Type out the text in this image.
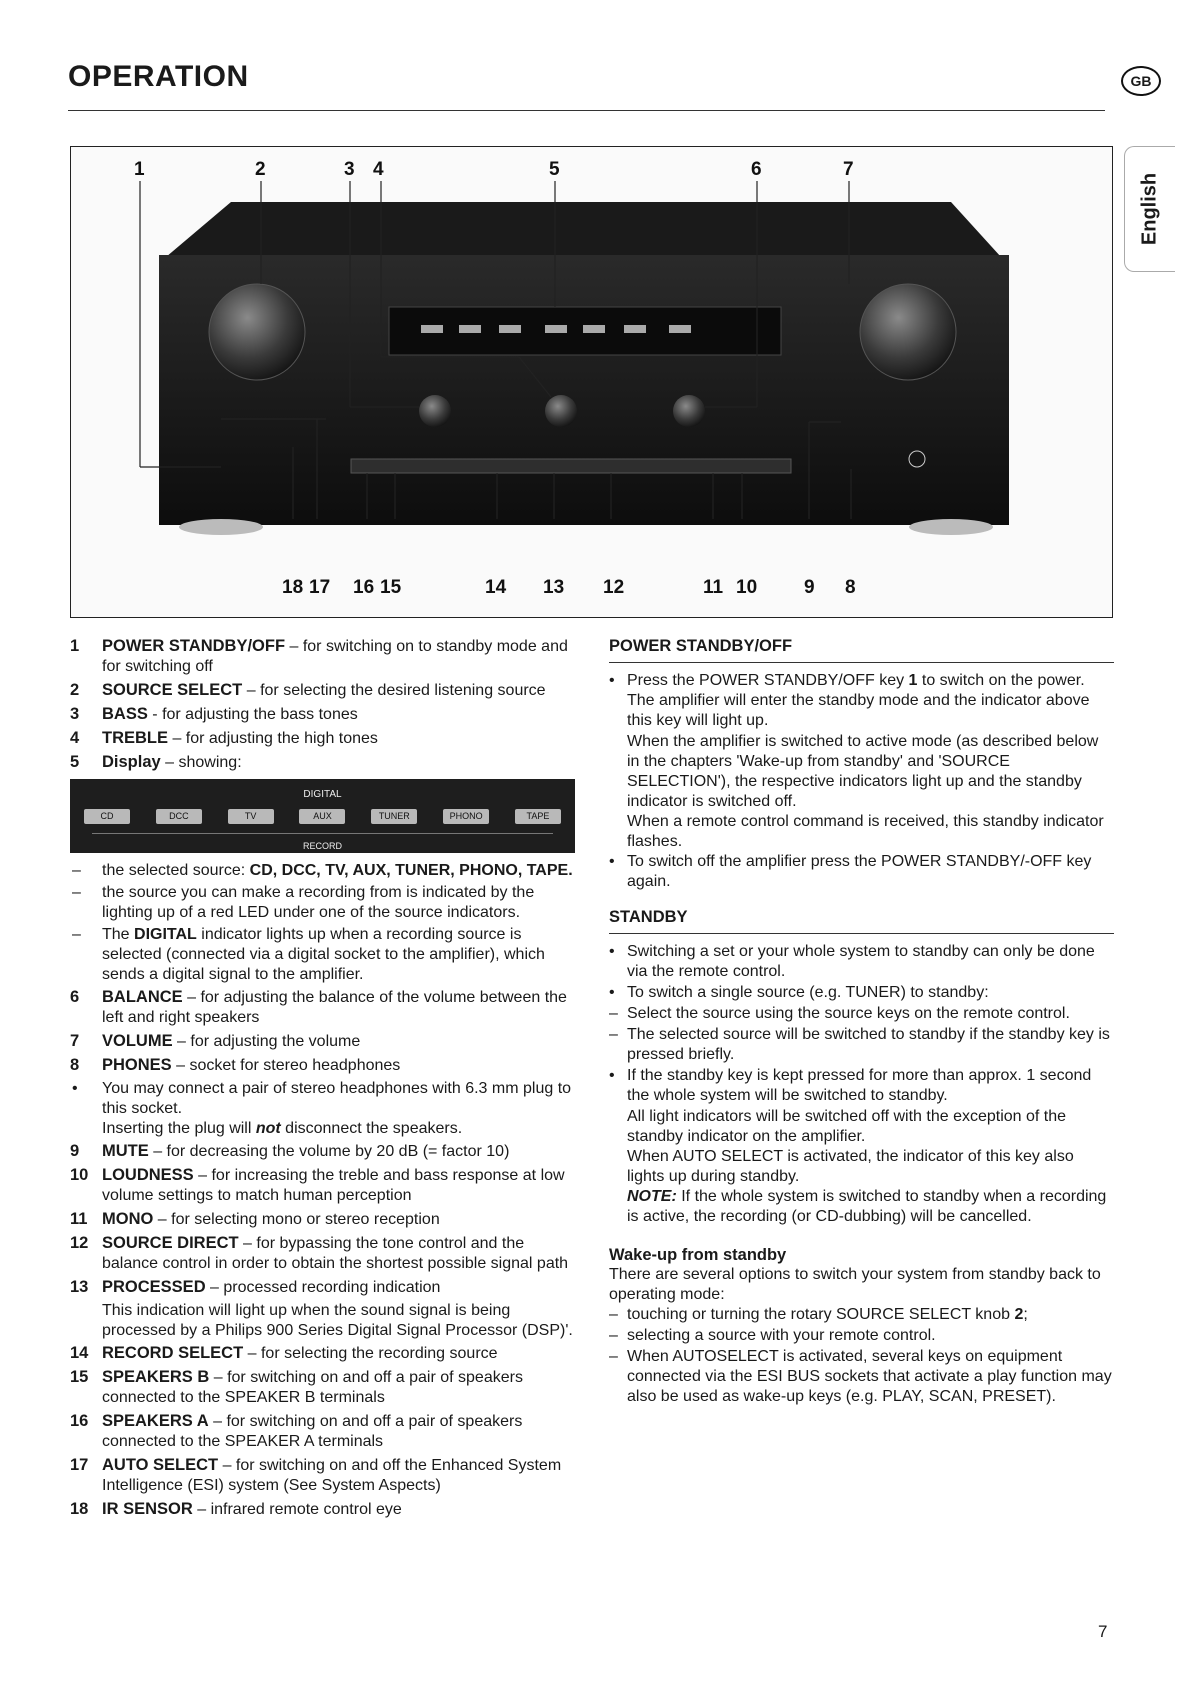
OPERATION	GB
English
1	2	3 4	5	6	7
18 17 16 15	14 13 12	11 10 9 8
1	POWER STANDBY/OFF – for switching on to standby mode and for switching off
2	SOURCE SELECT – for selecting the desired listening source
3	BASS - for adjusting the bass tones
4	TREBLE – for adjusting the high tones
5	Display – showing:
DIGITAL
CD	DCC	TV	AUX	TUNER	PHONO	TAPE
RECORD
–	the selected source: CD, DCC, TV, AUX, TUNER, PHONO, TAPE.
–	the source you can make a recording from is indicated by the lighting up of a red LED under one of the source indicators.
–	The DIGITAL indicator lights up when a recording source is selected (connected via a digital socket to the amplifier), which sends a digital signal to the amplifier.
6	BALANCE – for adjusting the balance of the volume between the left and right speakers
7	VOLUME – for adjusting the volume
8	PHONES – socket for stereo headphones
•	You may connect a pair of stereo headphones with 6.3 mm plug to this socket.
Inserting the plug will not disconnect the speakers.
9	MUTE – for decreasing the volume by 20 dB (= factor 10)
10 LOUDNESS – for increasing the treble and bass response at low volume settings to match human perception
11 MONO – for selecting mono or stereo reception
12 SOURCE DIRECT – for bypassing the tone control and the balance control in order to obtain the shortest possible signal path
13 PROCESSED – processed recording indication
This indication will light up when the sound signal is being processed by a Philips 900 Series Digital Signal Processor (DSP)'.
14 RECORD SELECT – for selecting the recording source
15 SPEAKERS B – for switching on and off a pair of speakers connected to the SPEAKER B terminals
16 SPEAKERS A – for switching on and off a pair of speakers connected to the SPEAKER A terminals
17 AUTO SELECT – for switching on and off the Enhanced System Intelligence (ESI) system (See System Aspects)
18 IR SENSOR – infrared remote control eye
POWER STANDBY/OFF
• Press the POWER STANDBY/OFF key 1 to switch on the power. The amplifier will enter the standby mode and the indicator above this key will light up.
When the amplifier is switched to active mode (as described below in the chapters 'Wake-up from standby' and 'SOURCE SELECTION'), the respective indicators light up and the standby indicator is switched off.
When a remote control command is received, this standby indicator flashes.
• To switch off the amplifier press the POWER STANDBY/-OFF key again.
STANDBY
• Switching a set or your whole system to standby can only be done via the remote control.
• To switch a single source (e.g. TUNER) to standby:
– Select the source using the source keys on the remote control.
– The selected source will be switched to standby if the standby key is pressed briefly.
• If the standby key is kept pressed for more than approx. 1 second the whole system will be switched to standby.
All light indicators will be switched off with the exception of the standby indicator on the amplifier.
When AUTO SELECT is activated, the indicator of this key also lights up during standby.
NOTE: If the whole system is switched to standby when a recording is active, the recording (or CD-dubbing) will be cancelled.
Wake-up from standby
There are several options to switch your system from standby back to operating mode:
– touching or turning the rotary SOURCE SELECT knob 2;
– selecting a source with your remote control.
– When AUTOSELECT is activated, several keys on equipment connected via the ESI BUS sockets that activate a play function may also be used as wake-up keys (e.g. PLAY, SCAN, PRESET).
7
